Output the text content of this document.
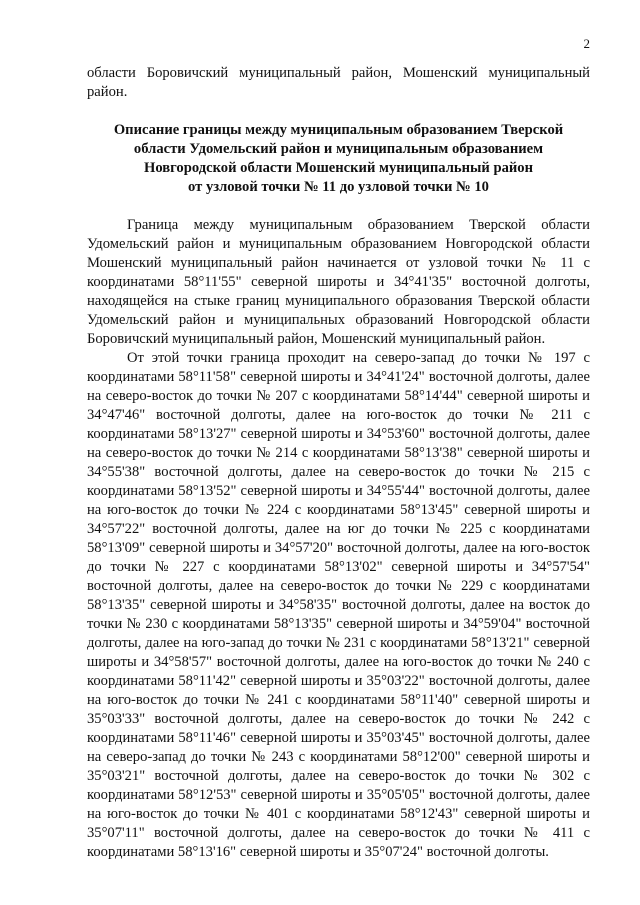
2

области Боровичский муниципальный район, Мошенский муниципальный район.

Описание границы между муниципальным образованием Тверской
области Удомельский район и муниципальным образованием
Новгородской области Мошенский муниципальный район
от узловой точки № 11 до узловой точки № 10

Граница между муниципальным образованием Тверской области Удомельский район и муниципальным образованием Новгородской области Мошенский муниципальный район начинается от узловой точки № 11 с координатами 58°11'55" северной широты и 34°41'35" восточной долготы, находящейся на стыке границ муниципального образования Тверской области Удомельский район и муниципальных образований Новгородской области Боровичский муниципальный район, Мошенский муниципальный район.

От этой точки граница проходит на северо-запад до точки № 197 с координатами 58°11'58" северной широты и 34°41'24" восточной долготы, далее на северо-восток до точки № 207 с координатами 58°14'44" северной широты и 34°47'46" восточной долготы, далее на юго-восток до точки № 211 с координатами 58°13'27" северной широты и 34°53'60" восточной долготы, далее на северо-восток до точки № 214 с координатами 58°13'38" северной широты и 34°55'38" восточной долготы, далее на северо-восток до точки № 215 с координатами 58°13'52" северной широты и 34°55'44" восточной долготы, далее на юго-восток до точки № 224 с координатами 58°13'45" северной широты и 34°57'22" восточной долготы, далее на юг до точки № 225 с координатами 58°13'09" северной широты и 34°57'20" восточной долготы, далее на юго-восток до точки № 227 с координатами 58°13'02" северной широты и 34°57'54" восточной долготы, далее на северо-восток до точки № 229 с координатами 58°13'35" северной широты и 34°58'35" восточной долготы, далее на восток до точки № 230 с координатами 58°13'35" северной широты и 34°59'04" восточной долготы, далее на юго-запад до точки № 231 с координатами 58°13'21" северной широты и 34°58'57" восточной долготы, далее на юго-восток до точки № 240 с координатами 58°11'42" северной широты и 35°03'22" восточной долготы, далее на юго-восток до точки № 241 с координатами 58°11'40" северной широты и 35°03'33" восточной долготы, далее на северо-восток до точки № 242 с координатами 58°11'46" северной широты и 35°03'45" восточной долготы, далее на северо-запад до точки № 243 с координатами 58°12'00" северной широты и 35°03'21" восточной долготы, далее на северо-восток до точки № 302 с координатами 58°12'53" северной широты и 35°05'05" восточной долготы, далее на юго-восток до точки № 401 с координатами 58°12'43" северной широты и 35°07'11" восточной долготы, далее на северо-восток до точки № 411 с координатами 58°13'16" северной широты и 35°07'24" восточной долготы.
